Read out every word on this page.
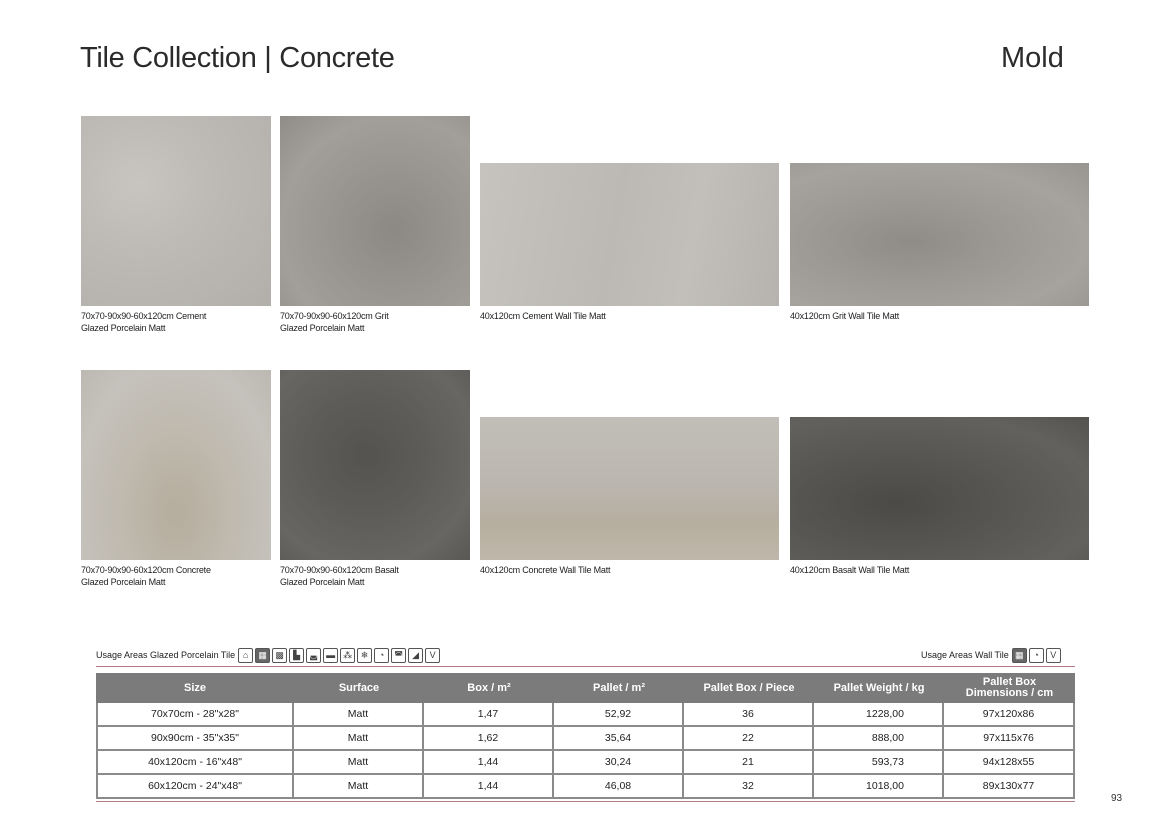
Tile Collection | Concrete	Mold
70x70-90x90-60x120cm Cement
Glazed Porcelain Matt
70x70-90x90-60x120cm Grit
Glazed Porcelain Matt
40x120cm Cement Wall Tile Matt	40x120cm Grit Wall Tile Matt
70x70-90x90-60x120cm Concrete
Glazed Porcelain Matt
70x70-90x90-60x120cm Basalt
Glazed Porcelain Matt
40x120cm Concrete Wall Tile Matt	40x120cm Basalt Wall Tile Matt
Usage Areas Glazed Porcelain Tile ⌂	▦ ▩	▙	◛ ▬ ⁂ ❄	◔	◚	◢	V	Usage Areas Wall Tile ▦	◔	V
Size	Surface	Box / m²	Pallet / m²	Pallet Box / Piece	Pallet Weight / kg	Pallet Box
Dimensions / cm

70x70cm - 28"x28"	Matt	1,47	52,92	36	1228,00	97x120x86
90x90cm - 35"x35"	Matt	1,62	35,64	22	888,00	97x115x76
40x120cm - 16"x48"	Matt	1,44	30,24	21	593,73	94x128x55
60x120cm - 24"x48"	Matt	1,44	46,08	32	1018,00	89x130x77
93
